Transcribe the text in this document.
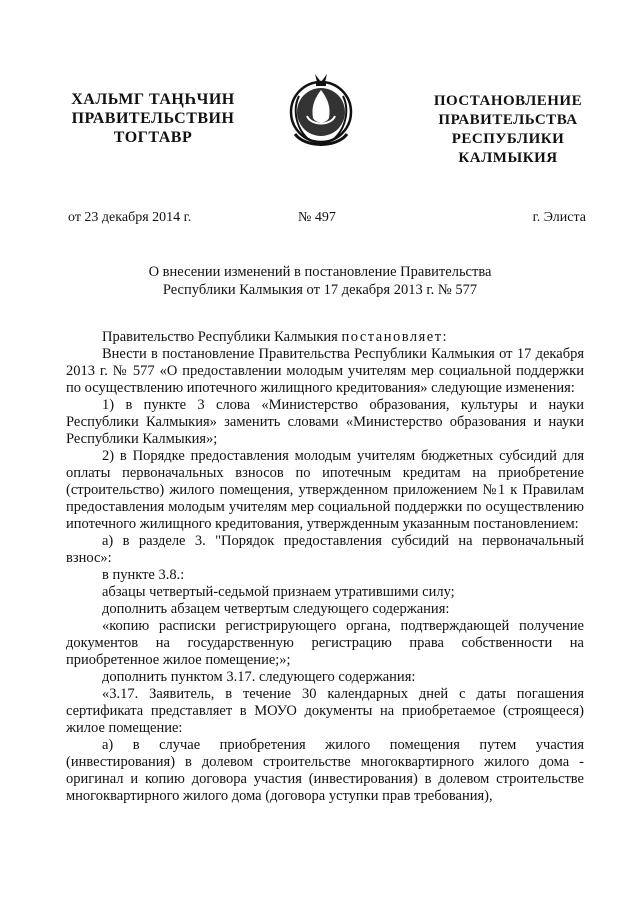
ХАЛЬМГ ТАҢҺЧИН
ПРАВИТЕЛЬСТВИН
ТОГТАВР
ПОСТАНОВЛЕНИЕ
ПРАВИТЕЛЬСТВА
РЕСПУБЛИКИ КАЛМЫКИЯ
от 23 декабря 2014 г.	№ 497	г. Элиста
О внесении изменений в постановление Правительства
Республики Калмыкия от 17 декабря 2013 г. № 577

Правительство Республики Калмыкия постановляет:

Внести в постановление Правительства Республики Калмыкия от 17 декабря 2013 г. № 577 «О предоставлении молодым учителям мер социальной поддержки по осуществлению ипотечного жилищного кредитования» следующие изменения:

1) в пункте 3 слова «Министерство образования, культуры и науки Республики Калмыкия» заменить словами «Министерство образования и науки Республики Калмыкия»;

2) в Порядке предоставления молодым учителям бюджетных субсидий для оплаты первоначальных взносов по ипотечным кредитам на приобретение (строительство) жилого помещения, утвержденном приложением №1 к Правилам предоставления молодым учителям мер социальной поддержки по осуществлению ипотечного жилищного кредитования, утвержденным указанным постановлением:

а) в разделе 3. "Порядок предоставления субсидий на первоначальный взнос»:

в пункте 3.8.:

абзацы четвертый-седьмой признаем утратившими силу;

дополнить абзацем четвертым следующего содержания:

«копию расписки регистрирующего органа, подтверждающей получение документов на государственную регистрацию права собственности на приобретенное жилое помещение;»;

дополнить пунктом 3.17. следующего содержания:

«3.17. Заявитель, в течение 30 календарных дней с даты погашения сертификата представляет в МОУО документы на приобретаемое (строящееся) жилое помещение:

а) в случае приобретения жилого помещения путем участия (инвестирования) в долевом строительстве многоквартирного жилого дома - оригинал и копию договора участия (инвестирования) в долевом строительстве многоквартирного жилого дома (договора уступки прав требования),
